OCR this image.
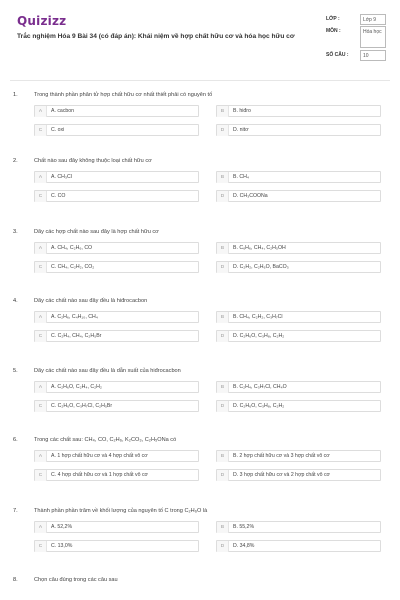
Quizizz
Trắc nghiệm Hóa 9 Bài 34 (có đáp án): Khái niệm về hợp chất hữu cơ và hóa học hữu cơ
LỚP :	Lớp 9
MÔN :	Hóa học
SỐ CÂU :	10
1.	Trong thành phần phân tử hợp chất hữu cơ nhất thiết phải có nguyên tố
A	A. cacbon	B	B. hiđro
C	C. oxi	D	D. nitơ
2.	Chất nào sau đây không thuộc loại chất hữu cơ
A	A. CH₃Cl	B	B. CH₄
C	C. CO	D	D. CH₃COONa
3.	Dãy các hợp chất nào sau đây là hợp chất hữu cơ
A	A. CH₄, C₂H₆, CO	B	B. C₆H₆, CH₄, C₂H₅OH
C	C. CH₄, C₂H₂, CO₂	D	D. C₂H₂, C₂H₆O, BaCO₃
4.	Dãy các chất nào sau đây đều là hiđrocacbon
A	A. C₂H₆, C₄H₁₀, CH₄	B	B. CH₄, C₂H₂, C₃H₇Cl
C	C. C₂H₄, CH₄, C₂H₅Br	D	D. C₂H₆O, C₃H₈, C₂H₂
5.	Dãy các chất nào sau đây đều là dẫn xuất của hiđrocacbon
A	A. C₂H₆O, C₂H₄, C₂H₂	B	B. C₂H₄, C₃H₇Cl, CH₄O
C	C. C₂H₆O, C₃H₇Cl, C₂H₅Br	D	D. C₂H₆O, C₃H₈, C₂H₂
6.	Trong các chất sau: CH₄, CO, C₂H₆, K₂CO₃, C₂H₅ONa có
A	A. 1 hợp chất hữu cơ và 4 hợp chất vô cơ	B	B. 2 hợp chất hữu cơ và 3 hợp chất vô cơ
C	C. 4 hợp chất hữu cơ và 1 hợp chất vô cơ	D	D. 3 hợp chất hữu cơ và 2 hợp chất vô cơ
7.	Thành phần phần trăm về khối lượng của nguyên tố C trong C₂H₆O là
A	A. 52,2%	B	B. 55,2%
C	C. 13,0%	D	D. 34,8%
8.	Chọn câu đúng trong các câu sau
